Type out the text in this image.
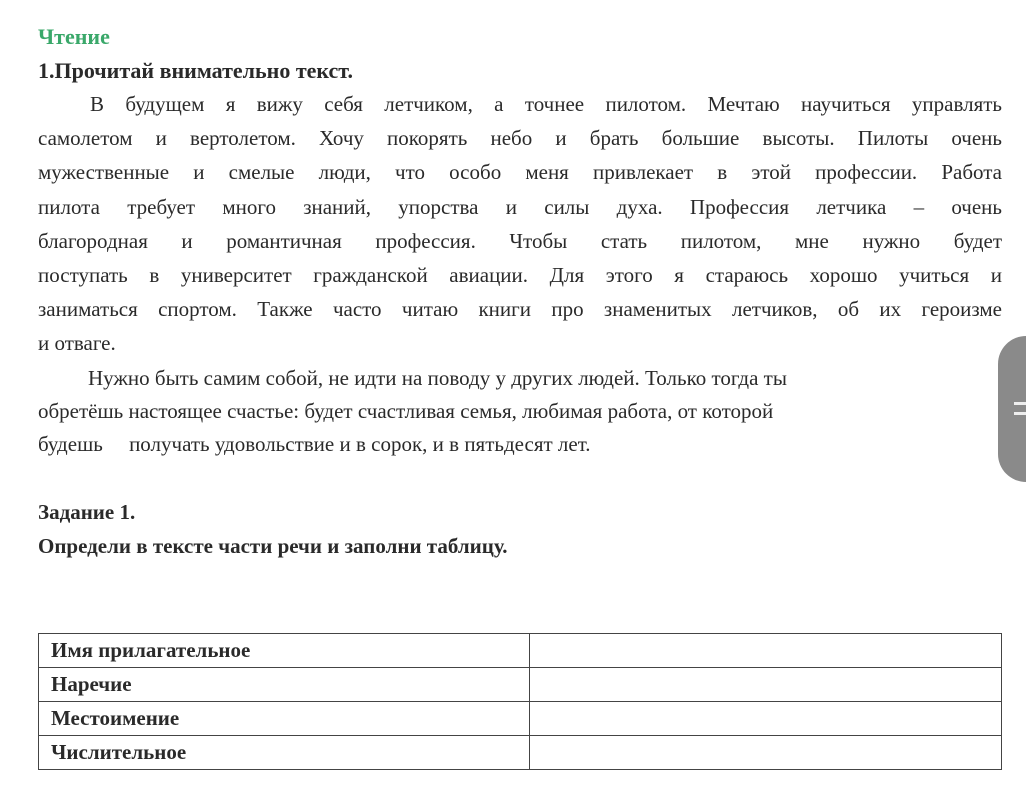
Чтение
1.Прочитай внимательно текст.
В будущем я вижу себя летчиком, а точнее пилотом. Мечтаю научиться управлять
самолетом и вертолетом. Хочу покорять небо и брать большие высоты. Пилоты очень
мужественные и смелые люди, что особо меня привлекает в этой профессии. Работа
пилота требует много знаний, упорства и силы духа. Профессия летчика – очень
благородная и романтичная профессия. Чтобы стать пилотом, мне нужно будет
поступать в университет гражданской авиации. Для этого я стараюсь хорошо учиться и
заниматься спортом. Также часто читаю книги про знаменитых летчиков, об их героизме
и отваге.
Нужно быть самим собой, не идти на поводу у других людей. Только тогда ты
обретёшь настоящее счастье: будет счастливая семья, любимая работа, от которой
будешь     получать удовольствие и в сорок, и в пятьдесят лет.
Задание 1.
Определи в тексте части речи и заполни таблицу.
Имя прилагательное	
Наречие	
Местоимение	
Числительное	
